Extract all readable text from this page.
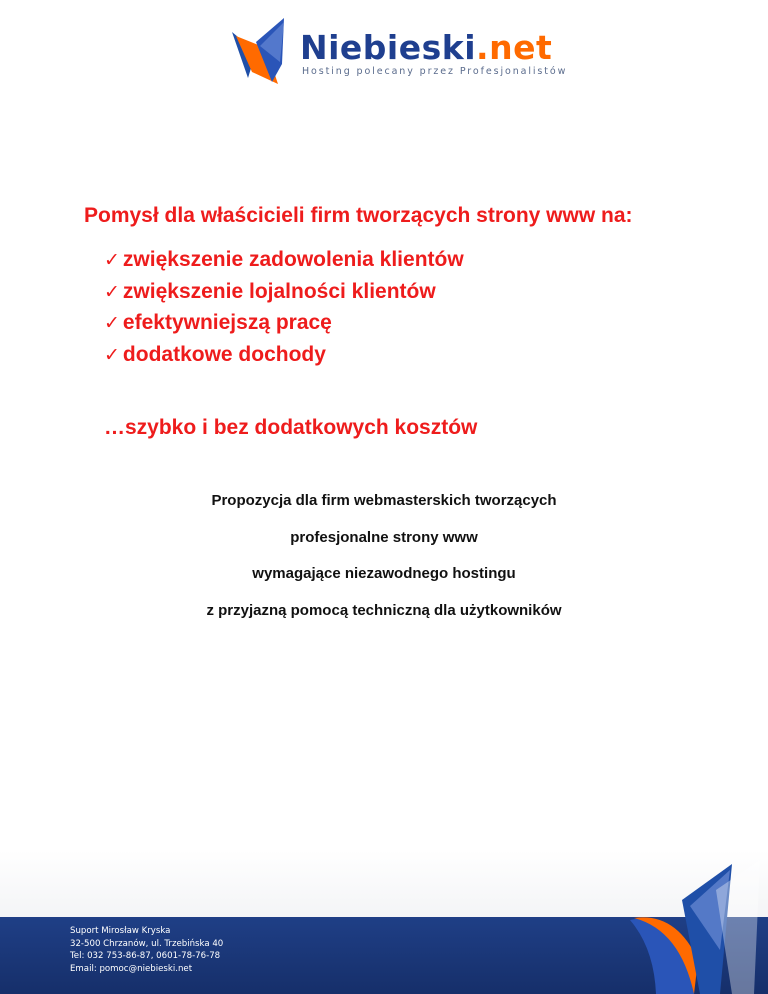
Niebieski.net
Hosting polecany przez Profesjonalistów
Pomysł dla właścicieli firm tworzących strony www na:
✓ zwiększenie zadowolenia klientów
✓ zwiększenie lojalności klientów
✓ efektywniejszą pracę
✓ dodatkowe dochody
…szybko i bez dodatkowych kosztów

Propozycja dla firm webmasterskich tworzących

profesjonalne strony www

wymagające niezawodnego hostingu

z przyjazną pomocą techniczną dla użytkowników

Suport Mirosław Kryska
32-500 Chrzanów, ul. Trzebińska 40
Tel: 032 753-86-87, 0601-78-76-78
Email: pomoc@niebieski.net
